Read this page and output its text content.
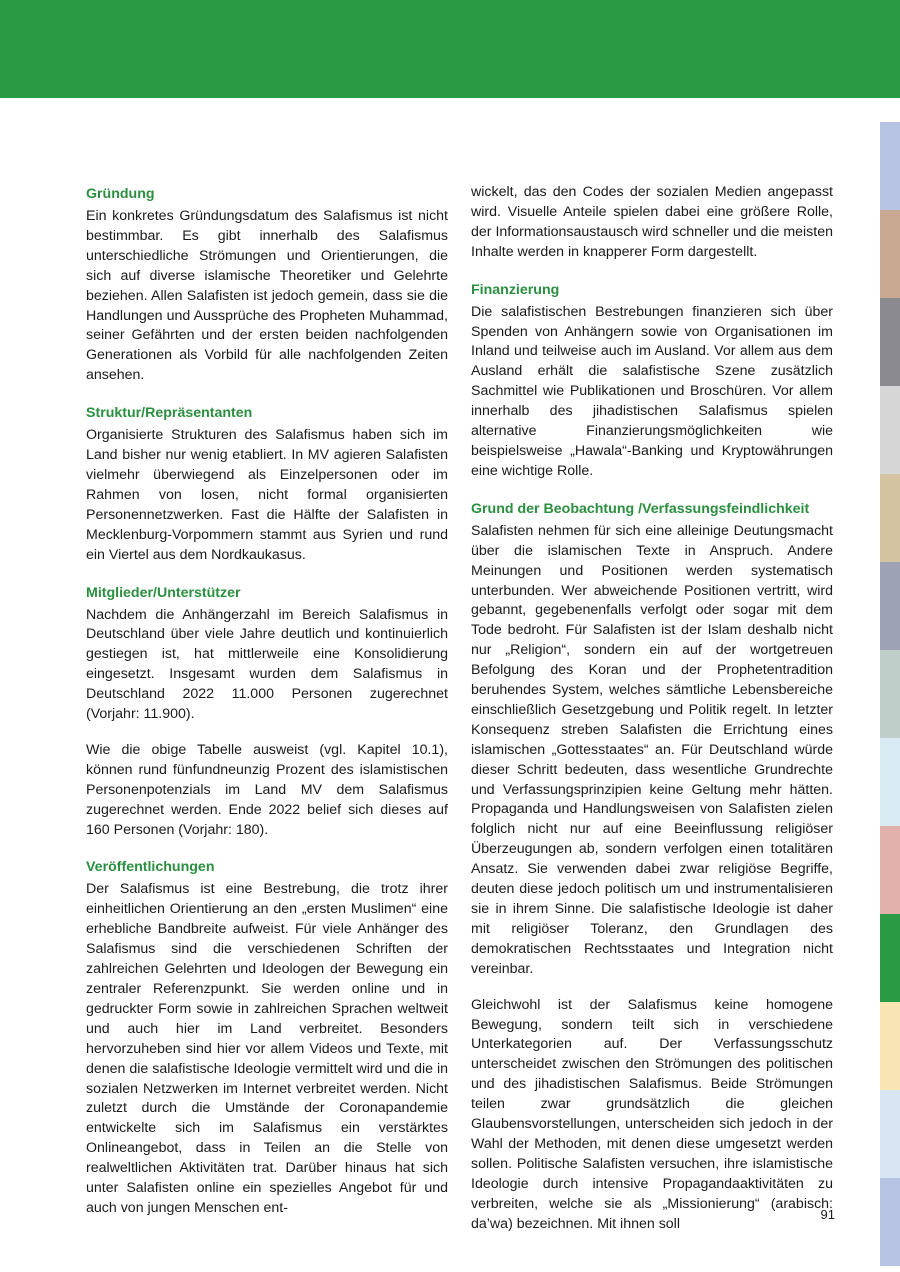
Gründung

Ein konkretes Gründungsdatum des Salafismus ist nicht bestimmbar. Es gibt innerhalb des Salafismus unterschiedliche Strömungen und Orientierungen, die sich auf diverse islamische Theoretiker und Gelehrte beziehen. Allen Salafisten ist jedoch gemein, dass sie die Handlungen und Aussprüche des Propheten Muhammad, seiner Gefährten und der ersten beiden nachfolgenden Generationen als Vorbild für alle nachfolgenden Zeiten ansehen.

Struktur/Repräsentanten

Organisierte Strukturen des Salafismus haben sich im Land bisher nur wenig etabliert. In MV agieren Salafisten vielmehr überwiegend als Einzelpersonen oder im Rahmen von losen, nicht formal organisierten Personennetzwerken. Fast die Hälfte der Salafisten in Mecklenburg-Vorpommern stammt aus Syrien und rund ein Viertel aus dem Nordkaukasus.

Mitglieder/Unterstützer

Nachdem die Anhängerzahl im Bereich Salafismus in Deutschland über viele Jahre deutlich und kontinuierlich gestiegen ist, hat mittlerweile eine Konsolidierung eingesetzt. Insgesamt wurden dem Salafismus in Deutschland 2022 11.000 Personen zugerechnet (Vorjahr: 11.900).

Wie die obige Tabelle ausweist (vgl. Kapitel 10.1), können rund fünfundneunzig Prozent des islamistischen Personenpotenzials im Land MV dem Salafismus zugerechnet werden. Ende 2022 belief sich dieses auf 160 Personen (Vorjahr: 180).

Veröffentlichungen

Der Salafismus ist eine Bestrebung, die trotz ihrer einheitlichen Orientierung an den „ersten Muslimen“ eine erhebliche Bandbreite aufweist. Für viele Anhänger des Salafismus sind die verschiedenen Schriften der zahlreichen Gelehrten und Ideologen der Bewegung ein zentraler Referenzpunkt. Sie werden online und in gedruckter Form sowie in zahlreichen Sprachen weltweit und auch hier im Land verbreitet. Besonders hervorzuheben sind hier vor allem Videos und Texte, mit denen die salafistische Ideologie vermittelt wird und die in sozialen Netzwerken im Internet verbreitet werden. Nicht zuletzt durch die Umstände der Coronapandemie entwickelte sich im Salafismus ein verstärktes Onlineangebot, dass in Teilen an die Stelle von realweltlichen Aktivitäten trat. Darüber hinaus hat sich unter Salafisten online ein spezielles Angebot für und auch von jungen Menschen ent-

wickelt, das den Codes der sozialen Medien angepasst wird. Visuelle Anteile spielen dabei eine größere Rolle, der Informationsaustausch wird schneller und die meisten Inhalte werden in knapperer Form dargestellt.

Finanzierung

Die salafistischen Bestrebungen finanzieren sich über Spenden von Anhängern sowie von Organisationen im Inland und teilweise auch im Ausland. Vor allem aus dem Ausland erhält die salafistische Szene zusätzlich Sachmittel wie Publikationen und Broschüren. Vor allem innerhalb des jihadistischen Salafismus spielen alternative Finanzierungsmöglichkeiten wie beispielsweise „Hawala“-Banking und Kryptowährungen eine wichtige Rolle.

Grund der Beobachtung /Verfassungsfeindlichkeit

Salafisten nehmen für sich eine alleinige Deutungsmacht über die islamischen Texte in Anspruch. Andere Meinungen und Positionen werden systematisch unterbunden. Wer abweichende Positionen vertritt, wird gebannt, gegebenenfalls verfolgt oder sogar mit dem Tode bedroht. Für Salafisten ist der Islam deshalb nicht nur „Religion“, sondern ein auf der wortgetreuen Befolgung des Koran und der Prophetentradition beruhendes System, welches sämtliche Lebensbereiche einschließlich Gesetzgebung und Politik regelt. In letzter Konsequenz streben Salafisten die Errichtung eines islamischen „Gottesstaates“ an. Für Deutschland würde dieser Schritt bedeuten, dass wesentliche Grundrechte und Verfassungsprinzipien keine Geltung mehr hätten. Propaganda und Handlungsweisen von Salafisten zielen folglich nicht nur auf eine Beeinflussung religiöser Überzeugungen ab, sondern verfolgen einen totalitären Ansatz. Sie verwenden dabei zwar religiöse Begriffe, deuten diese jedoch politisch um und instrumentalisieren sie in ihrem Sinne. Die salafistische Ideologie ist daher mit religiöser Toleranz, den Grundlagen des demokratischen Rechtsstaates und Integration nicht vereinbar.

Gleichwohl ist der Salafismus keine homogene Bewegung, sondern teilt sich in verschiedene Unterkategorien auf. Der Verfassungsschutz unterscheidet zwischen den Strömungen des politischen und des jihadistischen Salafismus. Beide Strömungen teilen zwar grundsätzlich die gleichen Glaubensvorstellungen, unterscheiden sich jedoch in der Wahl der Methoden, mit denen diese umgesetzt werden sollen. Politische Salafisten versuchen, ihre islamistische Ideologie durch intensive Propagandaaktivitäten zu verbreiten, welche sie als „Missionierung“ (arabisch: da’wa) bezeichnen. Mit ihnen soll

91
